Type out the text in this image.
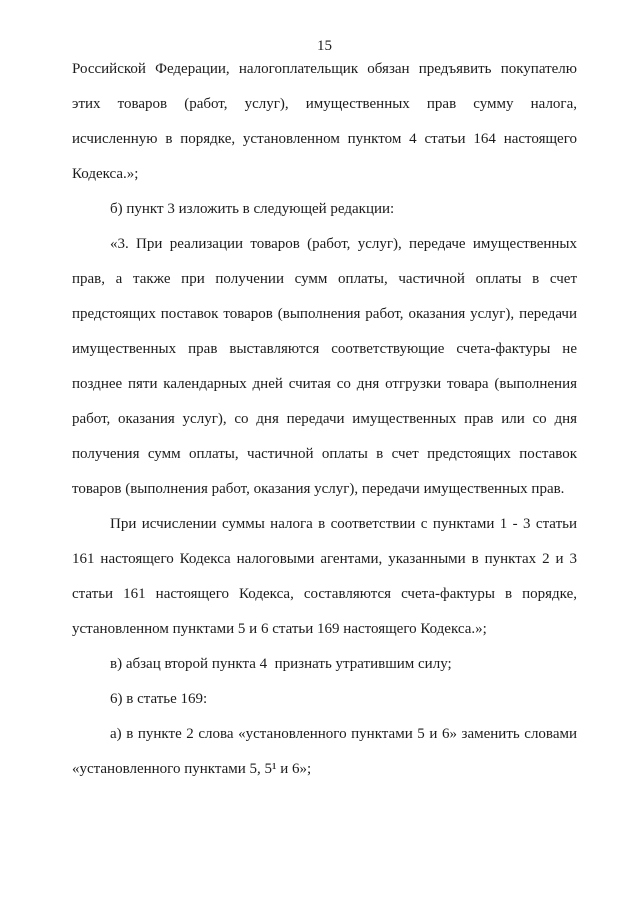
15
Российской Федерации, налогоплательщик обязан предъявить покупателю
этих товаров (работ, услуг), имущественных прав сумму налога,
исчисленную в порядке, установленном пунктом 4 статьи 164 настоящего
Кодекса.»;
б) пункт 3 изложить в следующей редакции:
«3. При реализации товаров (работ, услуг), передаче имущественных
прав, а также при получении сумм оплаты, частичной оплаты в счет
предстоящих поставок товаров (выполнения работ, оказания услуг), передачи
имущественных прав выставляются соответствующие счета-фактуры не
позднее пяти календарных дней считая со дня отгрузки товара (выполнения
работ, оказания услуг), со дня передачи имущественных прав или со дня
получения сумм оплаты, частичной оплаты в счет предстоящих поставок
товаров (выполнения работ, оказания услуг), передачи имущественных прав.
При исчислении суммы налога в соответствии с пунктами 1 - 3 статьи
161 настоящего Кодекса налоговыми агентами, указанными в пунктах 2 и 3
статьи 161 настоящего Кодекса, составляются счета-фактуры в порядке,
установленном пунктами 5 и 6 статьи 169 настоящего Кодекса.»;
в) абзац второй пункта 4  признать утратившим силу;
6) в статье 169:
а) в пункте 2 слова «установленного пунктами 5 и 6» заменить словами
«установленного пунктами 5, 5¹ и 6»;
